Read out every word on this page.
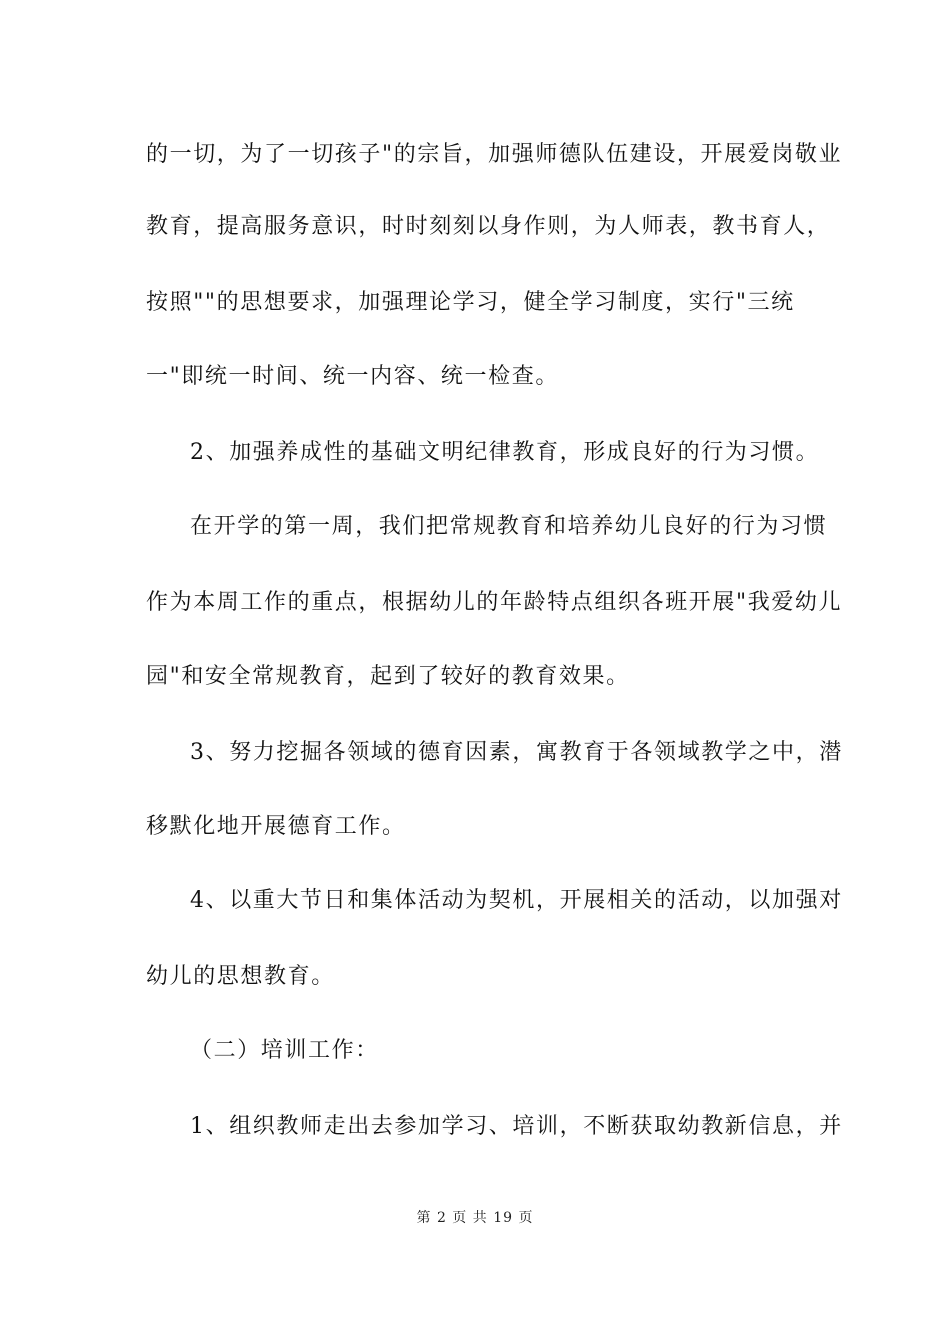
的一切，为了一切孩子"的宗旨，加强师德队伍建设，开展爱岗敬业
教育，提高服务意识，时时刻刻以身作则，为人师表，教书育人，
按照""的思想要求，加强理论学习，健全学习制度，实行"三统
一"即统一时间、统一内容、统一检查。
2、加强养成性的基础文明纪律教育，形成良好的行为习惯。
在开学的第一周，我们把常规教育和培养幼儿良好的行为习惯
作为本周工作的重点，根据幼儿的年龄特点组织各班开展"我爱幼儿
园"和安全常规教育，起到了较好的教育效果。
3、努力挖掘各领域的德育因素，寓教育于各领域教学之中，潜
移默化地开展德育工作。
4、以重大节日和集体活动为契机，开展相关的活动，以加强对
幼儿的思想教育。
（二）培训工作：
1、组织教师走出去参加学习、培训，不断获取幼教新信息，并
第 2 页 共 19 页
